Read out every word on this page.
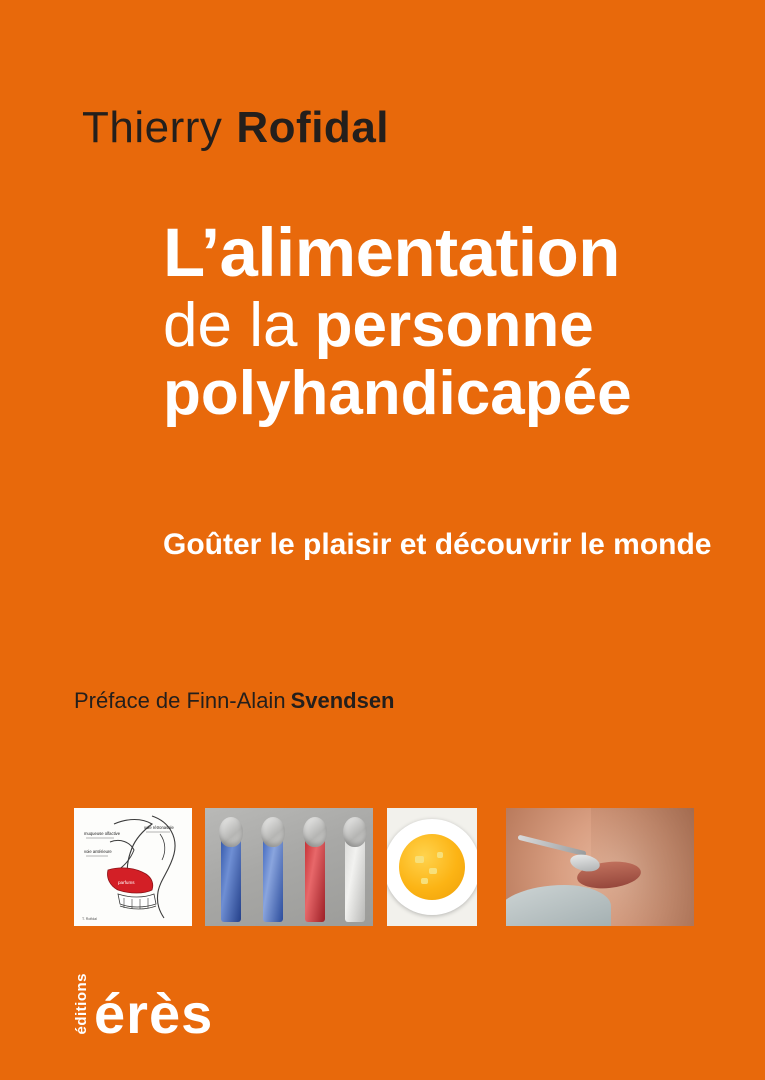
Thierry Rofidal
L’alimentation
de la personne
polyhandicapée
Goûter le plaisir et découvrir le monde
Préface de Finn-Alain Svendsen
muqueuse olfactive
voie antérieure
voie rétronasale
parfums
T. Rofidal
éditions érès
